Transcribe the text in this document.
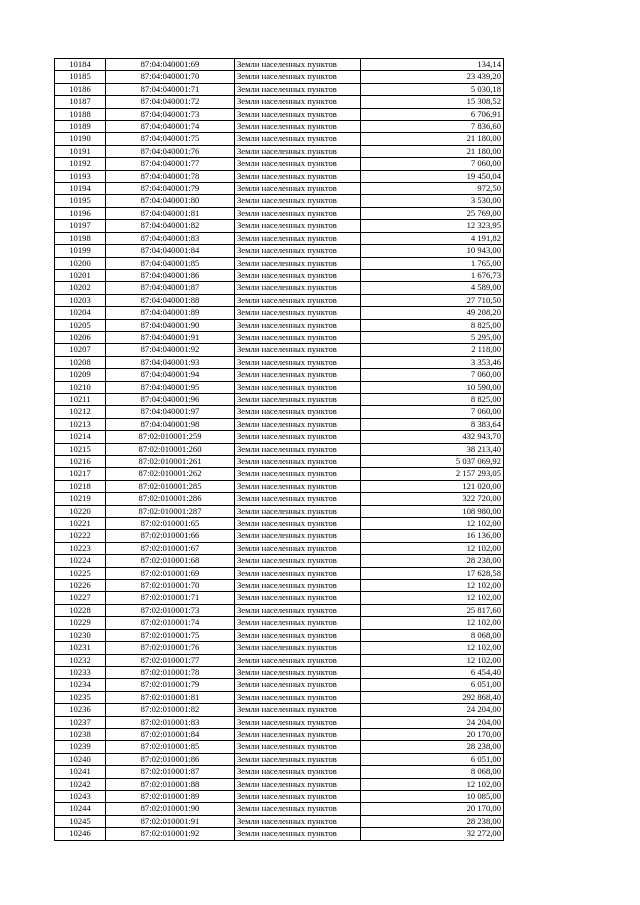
10184	87:04:040001:69	Земли населенных пунктов	134,14
10185	87:04:040001:70	Земли населенных пунктов	23 439,20
10186	87:04:040001:71	Земли населенных пунктов	5 030,18
10187	87:04:040001:72	Земли населенных пунктов	15 308,52
10188	87:04:040001:73	Земли населенных пунктов	6 706,91
10189	87:04:040001:74	Земли населенных пунктов	7 836,60
10190	87:04:040001:75	Земли населенных пунктов	21 180,00
10191	87:04:040001:76	Земли населенных пунктов	21 180,00
10192	87:04:040001:77	Земли населенных пунктов	7 060,00
10193	87:04:040001:78	Земли населенных пунктов	19 450,04
10194	87:04:040001:79	Земли населенных пунктов	972,50
10195	87:04:040001:80	Земли населенных пунктов	3 530,00
10196	87:04:040001:81	Земли населенных пунктов	25 769,00
10197	87:04:040001:82	Земли населенных пунктов	12 323,95
10198	87:04:040001:83	Земли населенных пунктов	4 191,82
10199	87:04:040001:84	Земли населенных пунктов	10 943,00
10200	87:04:040001:85	Земли населенных пунктов	1 765,00
10201	87:04:040001:86	Земли населенных пунктов	1 676,73
10202	87:04:040001:87	Земли населенных пунктов	4 589,00
10203	87:04:040001:88	Земли населенных пунктов	27 710,50
10204	87:04:040001:89	Земли населенных пунктов	49 208,20
10205	87:04:040001:90	Земли населенных пунктов	8 825,00
10206	87:04:040001:91	Земли населенных пунктов	5 295,00
10207	87:04:040001:92	Земли населенных пунктов	2 118,00
10208	87:04:040001:93	Земли населенных пунктов	3 353,46
10209	87:04:040001:94	Земли населенных пунктов	7 060,00
10210	87:04:040001:95	Земли населенных пунктов	10 590,00
10211	87:04:040001:96	Земли населенных пунктов	8 825,00
10212	87:04:040001:97	Земли населенных пунктов	7 060,00
10213	87:04:040001:98	Земли населенных пунктов	8 383,64
10214	87:02:010001:259	Земли населенных пунктов	432 943,70
10215	87:02:010001:260	Земли населенных пунктов	38 213,40
10216	87:02:010001:261	Земли населенных пунктов	5 037 069,92
10217	87:02:010001:262	Земли населенных пунктов	2 157 293,05
10218	87:02:010001:285	Земли населенных пунктов	121 020,00
10219	87:02:010001:286	Земли населенных пунктов	322 720,00
10220	87:02:010001:287	Земли населенных пунктов	108 980,00
10221	87:02:010001:65	Земли населенных пунктов	12 102,00
10222	87:02:010001:66	Земли населенных пунктов	16 136,00
10223	87:02:010001:67	Земли населенных пунктов	12 102,00
10224	87:02:010001:68	Земли населенных пунктов	28 238,00
10225	87:02:010001:69	Земли населенных пунктов	17 628,58
10226	87:02:010001:70	Земли населенных пунктов	12 102,00
10227	87:02:010001:71	Земли населенных пунктов	12 102,00
10228	87:02:010001:73	Земли населенных пунктов	25 817,60
10229	87:02:010001:74	Земли населенных пунктов	12 102,00
10230	87:02:010001:75	Земли населенных пунктов	8 068,00
10231	87:02:010001:76	Земли населенных пунктов	12 102,00
10232	87:02:010001:77	Земли населенных пунктов	12 102,00
10233	87:02:010001:78	Земли населенных пунктов	6 454,40
10234	87:02:010001:79	Земли населенных пунктов	6 051,00
10235	87:02:010001:81	Земли населенных пунктов	292 868,40
10236	87:02:010001:82	Земли населенных пунктов	24 204,00
10237	87:02:010001:83	Земли населенных пунктов	24 204,00
10238	87:02:010001:84	Земли населенных пунктов	20 170,00
10239	87:02:010001:85	Земли населенных пунктов	28 238,00
10240	87:02:010001:86	Земли населенных пунктов	6 051,00
10241	87:02:010001:87	Земли населенных пунктов	8 068,00
10242	87:02:010001:88	Земли населенных пунктов	12 102,00
10243	87:02:010001:89	Земли населенных пунктов	10 085,00
10244	87:02:010001:90	Земли населенных пунктов	20 170,00
10245	87:02:010001:91	Земли населенных пунктов	28 238,00
10246	87:02:010001:92	Земли населенных пунктов	32 272,00
